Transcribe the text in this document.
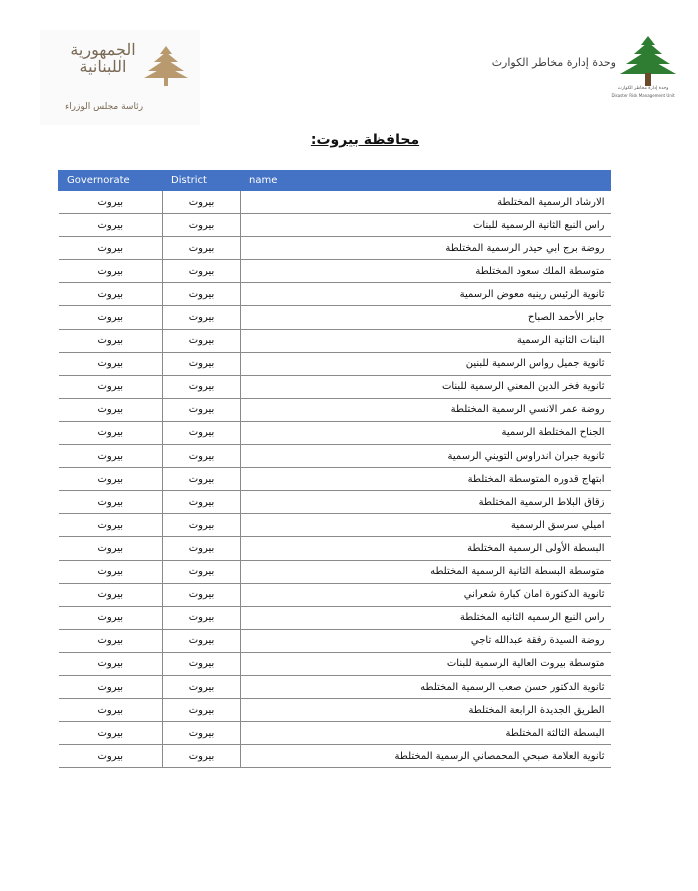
الجمهورية
اللبنانية
رئاسة مجلس الوزراء
وحدة إدارة مخاطر الكوارث
وحدة إدارة مخاطر الكوارث
Disaster Risk Management Unit
محافظة بيروت:
Governorate	District	name
بيروت	بيروت	الارشاد الرسمية المختلطة
بيروت	بيروت	راس النبع الثانية الرسمية للبنات
بيروت	بيروت	روضة برج ابي حيدر الرسمية المختلطة
بيروت	بيروت	متوسطة الملك سعود المختلطة
بيروت	بيروت	ثانوية الرئيس رينيه معوض الرسمية
بيروت	بيروت	جابر الأحمد الصباح
بيروت	بيروت	البنات الثانية الرسمية
بيروت	بيروت	ثانوية جميل رواس الرسمية للبنين
بيروت	بيروت	ثانوية فخر الدين المعني الرسمية للبنات
بيروت	بيروت	روضة عمر الانسي الرسمية المختلطة
بيروت	بيروت	الجناح المختلطة الرسمية
بيروت	بيروت	ثانوية جبران اندراوس التويني الرسمية
بيروت	بيروت	ابتهاج قدوره المتوسطة المختلطة
بيروت	بيروت	زقاق البلاط الرسمية المختلطة
بيروت	بيروت	اميلي سرسق الرسمية
بيروت	بيروت	البسطة الأولى الرسمية المختلطة
بيروت	بيروت	متوسطة البسطة الثانية الرسمية المختلطه
بيروت	بيروت	ثانوية الدكتورة امان كبارة شعراني
بيروت	بيروت	راس النبع الرسميه الثانيه المختلطة
بيروت	بيروت	روضة السيدة رفقة عبدالله تاجي
بيروت	بيروت	متوسطة بيروت العالية الرسمية للبنات
بيروت	بيروت	ثانوية الدكتور حسن صعب الرسمية المختلطه
بيروت	بيروت	الطريق الجديدة الرابعة المختلطة
بيروت	بيروت	البسطة الثالثة المختلطة
بيروت	بيروت	ثانوية العلامة صبحي المحمصاني الرسمية المختلطة
